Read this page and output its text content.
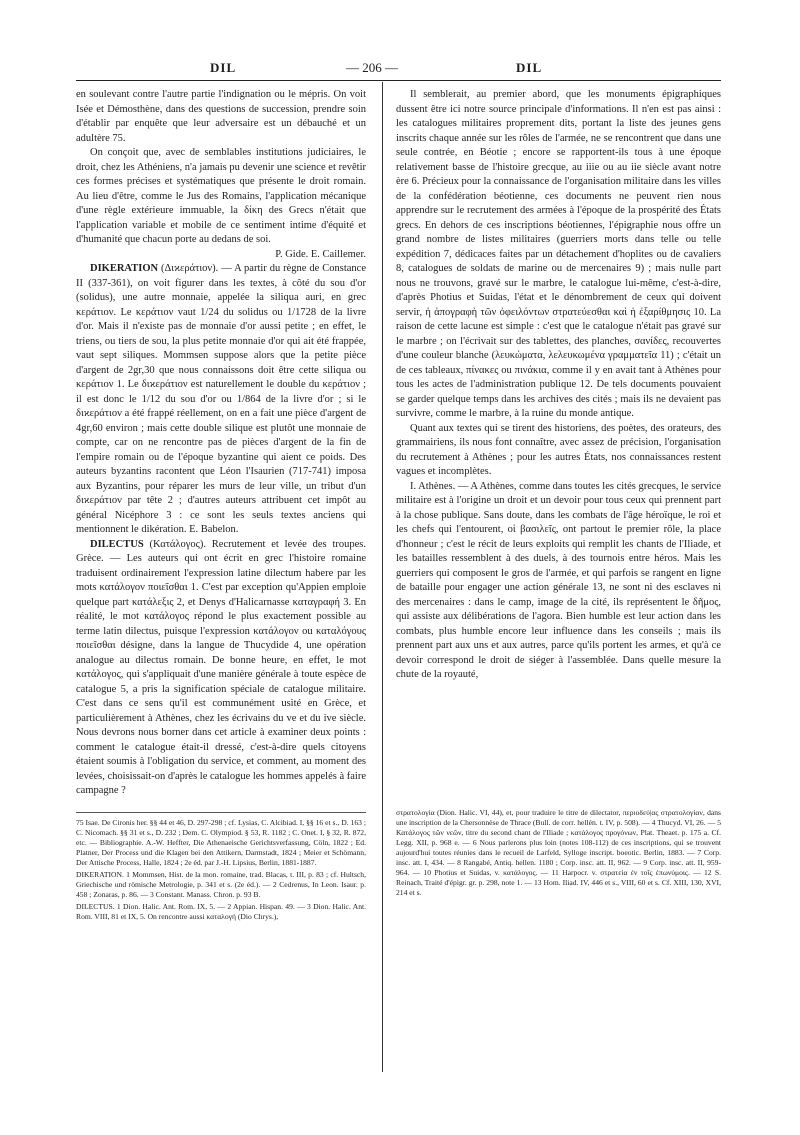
DIL	— 206 —	DIL

en soulevant contre l'autre partie l'indignation ou le mépris. On voit Isée et Démosthène, dans des questions de succession, prendre soin d'établir par enquête que leur adversaire est un débauché et un adultère 75.

On conçoit que, avec de semblables institutions judiciaires, le droit, chez les Athéniens, n'a jamais pu devenir une science et revêtir ces formes précises et systématiques que présente le droit romain. Au lieu d'être, comme le Jus des Romains, l'application mécanique d'une règle extérieure immuable, la δίκη des Grecs n'était que l'application variable et mobile de ce sentiment intime d'équité et d'humanité que chacun porte au dedans de soi.

P. Gide. E. Caillemer.

DIKERATION (Διϰεράτιον). — A partir du règne de Constance II (337-361), on voit figurer dans les textes, à côté du sou d'or (solidus), une autre monnaie, appelée la siliqua auri, en grec κεράτιον. Le κεράτιον vaut 1/24 du solidus ou 1/1728 de la livre d'or. Mais il n'existe pas de monnaie d'or aussi petite ; en effet, le triens, ou tiers de sou, la plus petite monnaie d'or qui ait été frappée, vaut sept siliques. Mommsen suppose alors que la petite pièce d'argent de 2gr,30 que nous connaissons doit être cette siliqua ou κεράτιον 1. Le διϰεράτιον est naturellement le double du κεράτιον ; il est donc le 1/12 du sou d'or ou 1/864 de la livre d'or ; si le διϰεράτιον a été frappé réellement, on en a fait une pièce d'argent de 4gr,60 environ ; mais cette double silique est plutôt une monnaie de compte, car on ne rencontre pas de pièces d'argent de la fin de l'empire romain ou de l'époque byzantine qui aient ce poids. Des auteurs byzantins racontent que Léon l'Isaurien (717-741) imposa aux Byzantins, pour réparer les murs de leur ville, un tribut d'un διϰεράτιον par tête 2 ; d'autres auteurs attribuent cet impôt au général Nicéphore 3 : ce sont les seuls textes anciens qui mentionnent le dikération. E. Babelon.

DILECTUS (Κατάλογος). Recrutement et levée des troupes. Grèce. — Les auteurs qui ont écrit en grec l'histoire romaine traduisent ordinairement l'expression latine dilectum habere par les mots κατάλογον ποιεῖσθαι 1. C'est par exception qu'Appien emploie quelque part κατάλεξις 2, et Denys d'Halicarnasse καταγραφή 3. En réalité, le mot κατάλογος répond le plus exactement possible au terme latin dilectus, puisque l'expression κατάλογον ou καταλόγους ποιεῖσθαι désigne, dans la langue de Thucydide 4, une opération analogue au dilectus romain. De bonne heure, en effet, le mot κατάλογος, qui s'appliquait d'une manière générale à toute espèce de catalogue 5, a pris la signification spéciale de catalogue militaire. C'est dans ce sens qu'il est communément usité en Grèce, et particulièrement à Athènes, chez les écrivains du ve et du ive siècle. Nous devrons nous borner dans cet article à examiner deux points : comment le catalogue était-il dressé, c'est-à-dire quels citoyens étaient soumis à l'obligation du service, et comment, au moment des levées, choisissait-on d'après le catalogue les hommes appelés à faire campagne ?

Il semblerait, au premier abord, que les monuments épigraphiques dussent être ici notre source principale d'informations. Il n'en est pas ainsi : les catalogues militaires proprement dits, portant la liste des jeunes gens inscrits chaque année sur les rôles de l'armée, ne se rencontrent que dans une seule contrée, en Béotie ; encore se rapportent-ils tous à une époque relativement basse de l'histoire grecque, au iiie ou au iie siècle avant notre ère 6. Précieux pour la connaissance de l'organisation militaire dans les villes de la confédération béotienne, ces documents ne peuvent rien nous apprendre sur le recrutement des armées à l'époque de la prospérité des États grecs. En dehors de ces inscriptions béotiennes, l'épigraphie nous offre un grand nombre de listes militaires (guerriers morts dans telle ou telle expédition 7, dédicaces faites par un détachement d'hoplites ou de cavaliers 8, catalogues de soldats de marine ou de mercenaires 9) ; mais nulle part nous ne trouvons, gravé sur le marbre, le catalogue lui-même, c'est-à-dire, d'après Photius et Suidas, l'état et le dénombrement de ceux qui doivent servir, ἡ ἀπογραφὴ τῶν ὀφειλόντων στρατεύεσθαι καὶ ἡ ἐξαρίθμησις 10. La raison de cette lacune est simple : c'est que le catalogue n'était pas gravé sur le marbre ; on l'écrivait sur des tablettes, des planches, σανίδες, recouvertes d'une couleur blanche (λευκώματα, λελευκωμένα γραμματεῖα 11) ; c'était un de ces tableaux, πίνακες ou πινάκια, comme il y en avait tant à Athènes pour tous les actes de l'administration publique 12. De tels documents pouvaient se garder quelque temps dans les archives des cités ; mais ils ne devaient pas survivre, comme le marbre, à la ruine du monde antique.

Quant aux textes qui se tirent des historiens, des poètes, des orateurs, des grammairiens, ils nous font connaître, avec assez de précision, l'organisation du recrutement à Athènes ; pour les autres États, nos connaissances restent vagues et incomplètes.

I. Athènes. — A Athènes, comme dans toutes les cités grecques, le service militaire est à l'origine un droit et un devoir pour tous ceux qui prennent part à la chose publique. Sans doute, dans les combats de l'âge héroïque, le roi et les chefs qui l'entourent, οἱ βασιλεῖς, ont partout le premier rôle, la place d'honneur ; c'est le récit de leurs exploits qui remplit les chants de l'Iliade, et les batailles ressemblent à des duels, à des tournois entre héros. Mais les guerriers qui composent le gros de l'armée, et qui parfois se rangent en ligne de bataille pour engager une action générale 13, ne sont ni des esclaves ni des mercenaires : dans le camp, image de la cité, ils représentent le δῆμος, qui assiste aux délibérations de l'agora. Bien humble est leur action dans les combats, plus humble encore leur influence dans les conseils ; mais ils prennent part aux uns et aux autres, parce qu'ils portent les armes, et qu'à ce devoir correspond le droit de siéger à l'assemblée. Dans quelle mesure la chute de la royauté,

75 Isae. De Cironis her. §§ 44 et 46, D. 297-298 ; cf. Lysias, C. Alcibiad. I, §§ 16 et s., D. 163 ; C. Nicomach. §§ 31 et s., D. 232 ; Dem. C. Olympiod. § 53, R. 1182 ; C. Onet. I, § 32, R. 872, etc. — Bibliographie. A.-W. Heffter, Die Athenaeische Gerichtsverfassung, Cöln, 1822 ; Ed. Platner, Der Process und die Klagen bei den Attikern, Darmstadt, 1824 ; Meier et Schömann, Der Attische Process, Halle, 1824 ; 2e éd. par J.-H. Lipsius, Berlin, 1881-1887.

DIKERATION. 1 Mommsen, Hist. de la mon. romaine, trad. Blacas, t. III, p. 83 ; cf. Hultsch, Griechische und römische Metrologie, p. 341 et s. (2e éd.). — 2 Cedrenus, In Leon. Isaur. p. 458 ; Zonaras, p. 86. — 3 Constant. Manass. Chron. p. 93 B.

DILECTUS. 1 Dion. Halic. Ant. Rom. IX, 5. — 2 Appian. Hispan. 49. — 3 Dion. Halic. Ant. Rom. VIII, 81 et IX, 5. On rencontre aussi καταλογή (Dio Chrys.),

στρατολογία (Dion. Halic. VI, 44), et, pour traduire le titre de dilectator, περιοδεύ|ας στρατολογίαν, dans une inscription de la Chersonnèse de Thrace (Bull. de corr. hellén. t. IV, p. 508). — 4 Thucyd. VI, 26. — 5 Κατάλογος τῶν νεῶν, titre du second chant de l'Iliade ; κατάλογος προγόνων, Plat. Theaet. p. 175 a. Cf. Legg. XII, p. 968 e. — 6 Nous parlerons plus loin (notes 108-112) de ces inscriptions, qui se trouvent aujourd'hui toutes réunies dans le recueil de Larfeld, Sylloge inscript. boeotic. Berlin, 1883. — 7 Corp. insc. att. I, 434. — 8 Rangabé, Antiq. hellen. 1180 ; Corp. insc. att. II, 962. — 9 Corp. insc. att. II, 959-964. — 10 Photius et Suidas, v. κατάλογος. — 11 Harpocr. v. στρατεία ἐν τοῖς ἐπωνύμοις. — 12 S. Reinach, Traité d'épigr. gr. p. 298, note 1. — 13 Hom. Iliad. IV, 446 et s., VIII, 60 et s. Cf. XIII, 130, XVI, 214 et s.
